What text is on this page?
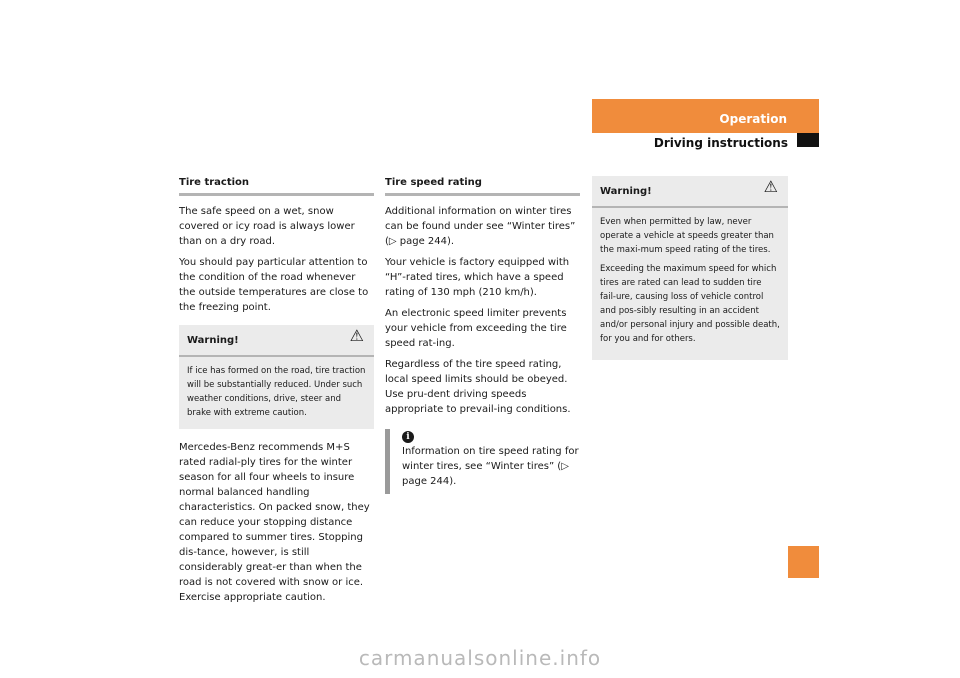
Operation
Driving instructions
227
Tire traction

The safe speed on a wet, snow covered or icy road is always lower than on a dry road.

You should pay particular attention to the condition of the road whenever the outside temperatures are close to the freezing point.

Warning!	⚠
If ice has formed on the road, tire traction will be substantially reduced. Under such weather conditions, drive, steer and brake with extreme caution.

Mercedes-Benz recommends M+S rated radial-ply tires for the winter season for all four wheels to insure normal balanced handling characteristics. On packed snow, they can reduce your stopping distance compared to summer tires. Stopping dis-tance, however, is still considerably great-er than when the road is not covered with snow or ice. Exercise appropriate caution.

Tire speed rating

Additional information on winter tires can be found under see “Winter tires” (▷ page 244).

Your vehicle is factory equipped with “H”-rated tires, which have a speed rating of 130 mph (210 km/h).

An electronic speed limiter prevents your vehicle from exceeding the tire speed rat-ing.

Regardless of the tire speed rating, local speed limits should be obeyed. Use pru-dent driving speeds appropriate to prevail-ing conditions.

i
Information on tire speed rating for winter tires, see “Winter tires” (▷ page 244).
Warning!	⚠

Even when permitted by law, never operate a vehicle at speeds greater than the maxi-mum speed rating of the tires.

Exceeding the maximum speed for which tires are rated can lead to sudden tire fail-ure, causing loss of vehicle control and pos-sibly resulting in an accident and/or personal injury and possible death, for you and for others.

carmanualsonline.info
